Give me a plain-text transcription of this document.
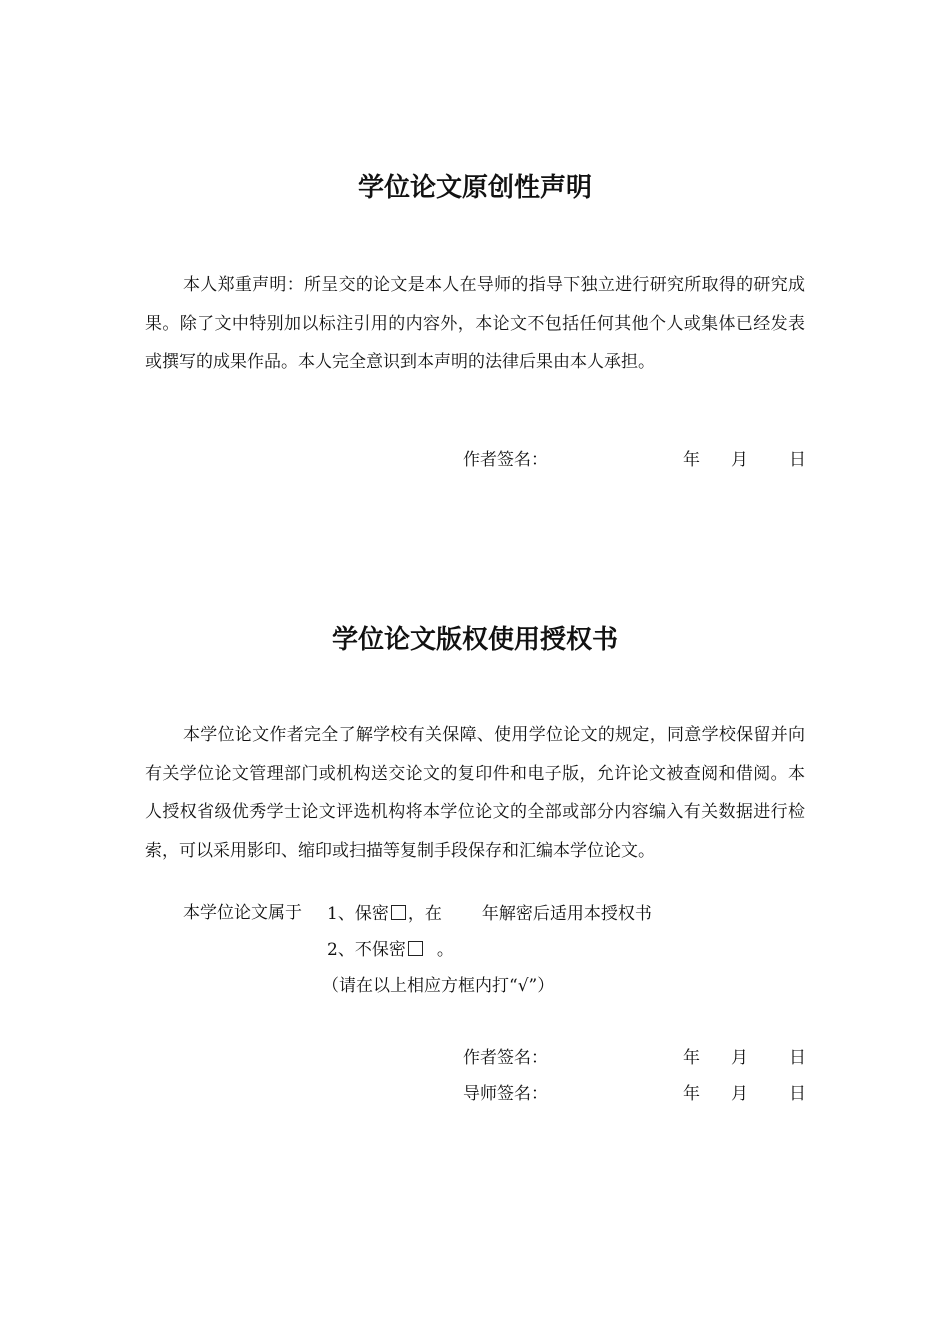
学位论文原创性声明
本人郑重声明：所呈交的论文是本人在导师的指导下独立进行研究所取得的研究成果。除了文中特别加以标注引用的内容外，本论文不包括任何其他个人或集体已经发表或撰写的成果作品。本人完全意识到本声明的法律后果由本人承担。
作者签名：	年 月 日
学位论文版权使用授权书
本学位论文作者完全了解学校有关保障、使用学位论文的规定，同意学校保留并向有关学位论文管理部门或机构送交论文的复印件和电子版，允许论文被查阅和借阅。本人授权省级优秀学士论文评选机构将本学位论文的全部或部分内容编入有关数据进行检索，可以采用影印、缩印或扫描等复制手段保存和汇编本学位论文。
本学位论文属于 1、保密 ，在 年解密后适用本授权书
2、不保密 。
（请在以上相应方框内打“√”）
作者签名：	年 月 日
导师签名：	年 月 日
